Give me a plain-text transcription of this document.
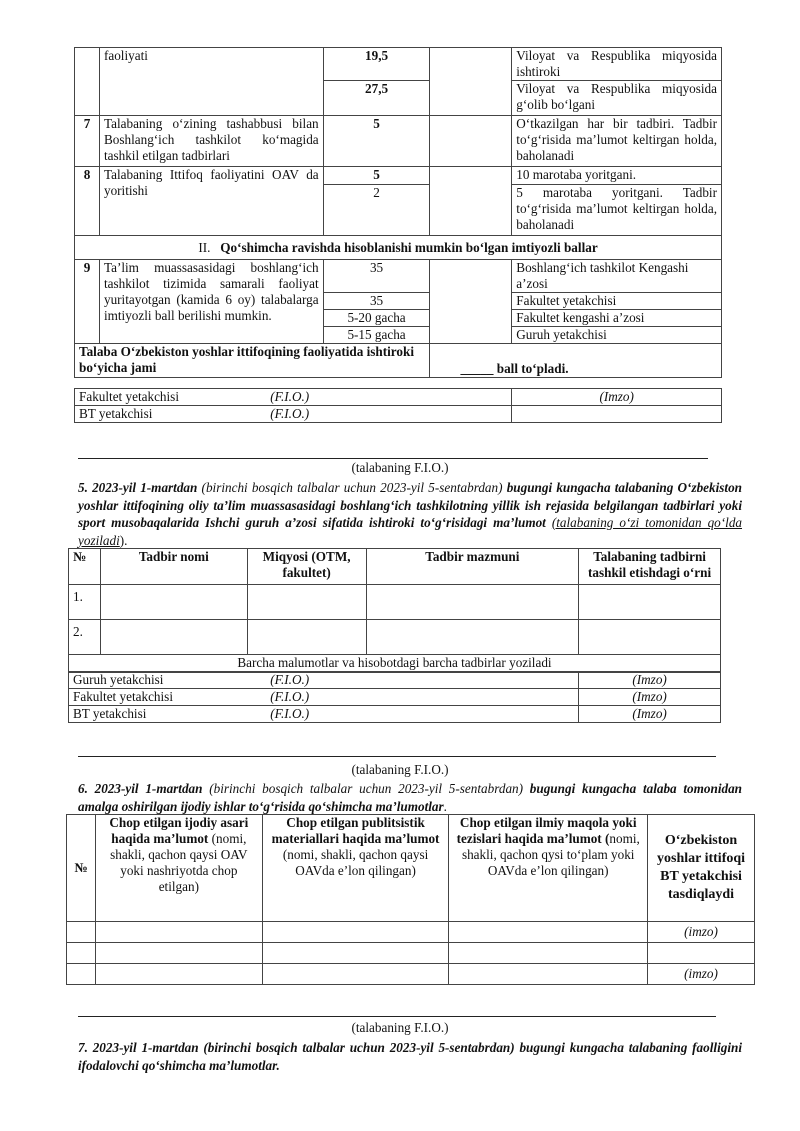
	faoliyati	19,5		Viloyat va Respublika miqyosida ishtiroki

		27,5		Viloyat va Respublika miqyosida g‘olib bo‘lgani
7	Talabaning o‘zining tashabbusi bilan Boshlang‘ich tashkilot ko‘magida tashkil etilgan tadbirlari	5		O‘tkazilgan har bir tadbiri. Tadbir to‘g‘risida ma’lumot keltirgan holda, baholanadi
8	Talabaning Ittifoq faoliyatini OAV da yoritishi	5		10 marotaba yoritgani.
		2		5 marotaba yoritgani. Tadbir to‘g‘risida ma’lumot keltirgan holda, baholanadi
II. Qo‘shimcha ravishda hisoblanishi mumkin bo‘lgan imtiyozli ballar				
9	Ta’lim muassasasidagi boshlang‘ich tashkilot tizimida samarali faoliyat yuritayotgan (kamida 6 oy) talabalarga imtiyozli ball berilishi mumkin.	35		Boshlang‘ich tashkilot Kengashi a’zosi
		35		Fakultet yetakchisi
		5-20 gacha		Fakultet kengashi a’zosi
		5-15 gacha		Guruh yetakchisi
Talaba O‘zbekiston yoshlar ittifoqining faoliyatida ishtiroki bo‘yicha jami			_____ ball to‘pladi.	
Fakultet yetakchisi	(F.I.O.)	(Imzo)
BT yetakchisi	(F.I.O.)	
(talabaning F.I.O.)
5. 2023-yil 1-martdan (birinchi bosqich talbalar uchun 2023-yil 5-sentabrdan) bugungi kungacha talabaning O‘zbekiston yoshlar ittifoqining oliy ta’lim muassasasidagi boshlang‘ich tashkilotning yillik ish rejasida belgilangan tadbirlari yoki sport musobaqalarida Ishchi guruh a’zosi sifatida ishtiroki to‘g‘risidagi ma’lumot (talabaning o‘zi tomonidan qo‘lda yoziladi).
№	Tadbir nomi	Miqyosi (OTM, fakultet)	Tadbir mazmuni	Talabaning tadbirni tashkil etishdagi o‘rni
1.				
2.				
Barcha malumotlar va hisobotdagi barcha tadbirlar yoziladi				
Guruh yetakchisi	(F.I.O.)	(Imzo)
Fakultet yetakchisi	(F.I.O.)	(Imzo)
BT yetakchisi	(F.I.O.)	(Imzo)
(talabaning F.I.O.)
6. 2023-yil 1-martdan (birinchi bosqich talbalar uchun 2023-yil 5-sentabrdan) bugungi kungacha talaba tomonidan amalga oshirilgan ijodiy ishlar to‘g‘risida qo‘shimcha ma’lumotlar.
№	Chop etilgan ijodiy asari haqida ma’lumot (nomi, shakli, qachon qaysi OAV yoki nashriyotda chop etilgan)	Chop etilgan publitsistik materiallari haqida ma’lumot (nomi, shakli, qachon qaysi OAVda e’lon qilingan)	Chop etilgan ilmiy maqola yoki tezislari haqida ma’lumot (nomi, shakli, qachon qysi to‘plam yoki OAVda e’lon qilingan)	O‘zbekiston yoshlar ittifoqi BT yetakchisi tasdiqlaydi
				(imzo)

				(imzo)
(talabaning F.I.O.)
7. 2023-yil 1-martdan (birinchi bosqich talbalar uchun 2023-yil 5-sentabrdan) bugungi kungacha talabaning faolligini ifodalovchi qo‘shimcha ma’lumotlar.
